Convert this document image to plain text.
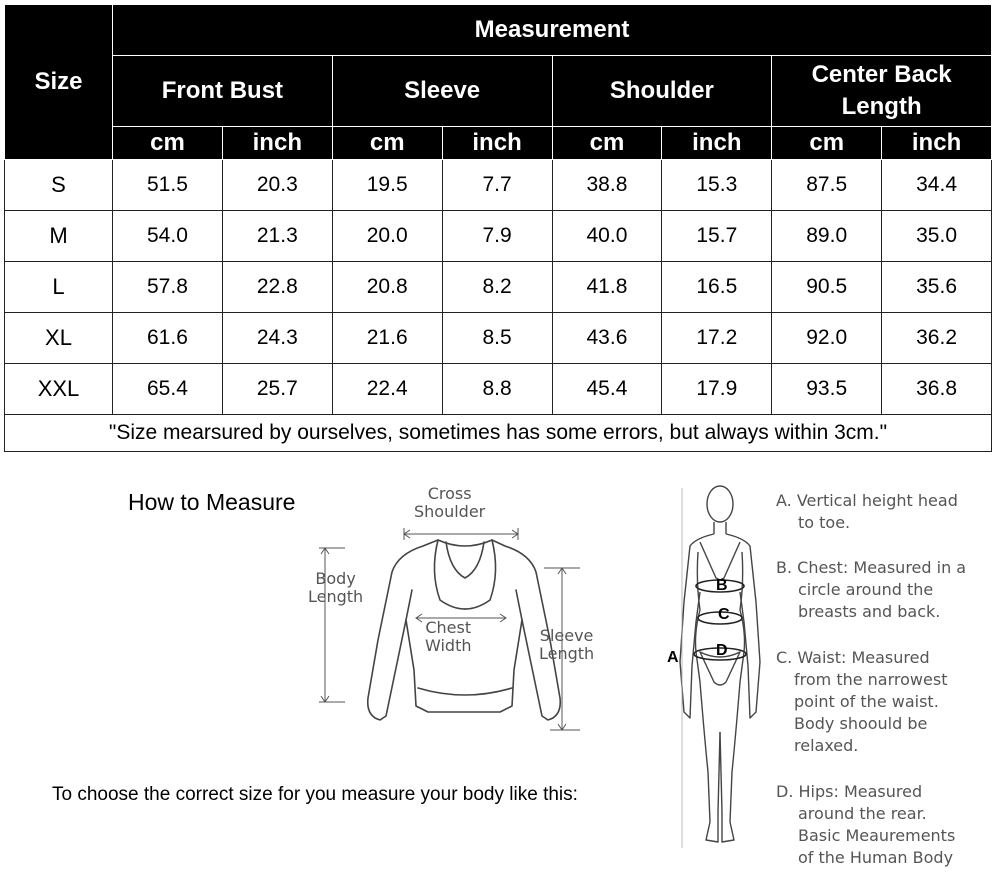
Size	Measurement							
	Front Bust		Sleeve		Shoulder		Center Back Length	
	cm	inch	cm	inch	cm	inch	cm	inch
S	51.5	20.3	19.5	7.7	38.8	15.3	87.5	34.4
M	54.0	21.3	20.0	7.9	40.0	15.7	89.0	35.0
L	57.8	22.8	20.8	8.2	41.8	16.5	90.5	35.6
XL	61.6	24.3	21.6	8.5	43.6	17.2	92.0	36.2
XXL	65.4	25.7	22.4	8.8	45.4	17.9	93.5	36.8
"Size mearsured by ourselves, sometimes has some errors, but always within 3cm."								
How to Measure	Cross
Shoulder
Body
Length
Chest
Width
Sleeve
Length
To choose the correct size for you measure your body like this:
B
C
D
A
A. Vertical height head
to toe.
B. Chest: Measured in a
circle around the
breasts and back.
C. Waist: Measured
from the narrowest
point of the waist.
Body shoould be
relaxed.
D. Hips: Measured
around the rear.
Basic Meaurements
of the Human Body
